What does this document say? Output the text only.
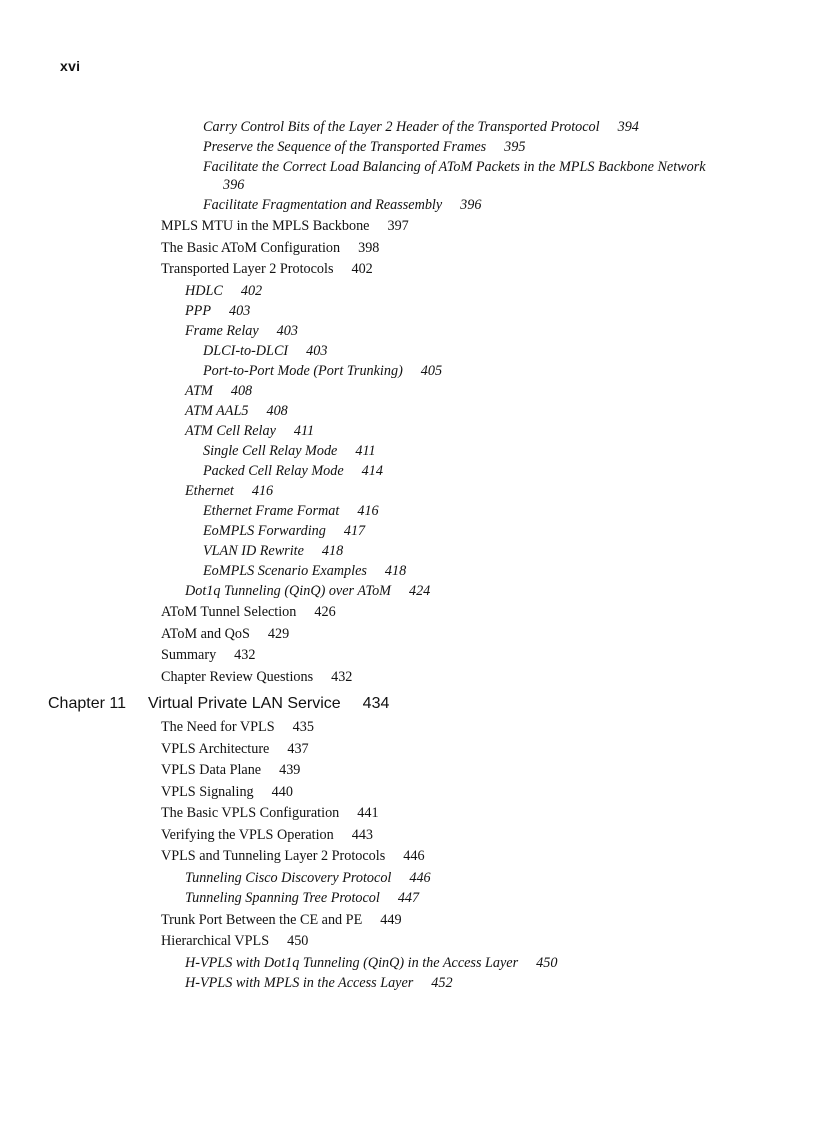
xvi
Carry Control Bits of the Layer 2 Header of the Transported Protocol 394
Preserve the Sequence of the Transported Frames 395
Facilitate the Correct Load Balancing of AToM Packets in the MPLS Backbone Network
396
Facilitate Fragmentation and Reassembly 396
MPLS MTU in the MPLS Backbone 397
The Basic AToM Configuration 398
Transported Layer 2 Protocols 402
HDLC 402
PPP 403
Frame Relay 403
DLCI-to-DLCI 403
Port-to-Port Mode (Port Trunking) 405
ATM 408
ATM AAL5 408
ATM Cell Relay 411
Single Cell Relay Mode 411
Packed Cell Relay Mode 414
Ethernet 416
Ethernet Frame Format 416
EoMPLS Forwarding 417
VLAN ID Rewrite 418
EoMPLS Scenario Examples 418
Dot1q Tunneling (QinQ) over AToM 424
AToM Tunnel Selection 426
AToM and QoS 429
Summary 432
Chapter Review Questions 432
Chapter 11 Virtual Private LAN Service 434
The Need for VPLS 435
VPLS Architecture 437
VPLS Data Plane 439
VPLS Signaling 440
The Basic VPLS Configuration 441
Verifying the VPLS Operation 443
VPLS and Tunneling Layer 2 Protocols 446
Tunneling Cisco Discovery Protocol 446
Tunneling Spanning Tree Protocol 447
Trunk Port Between the CE and PE 449
Hierarchical VPLS 450
H-VPLS with Dot1q Tunneling (QinQ) in the Access Layer 450
H-VPLS with MPLS in the Access Layer 452
